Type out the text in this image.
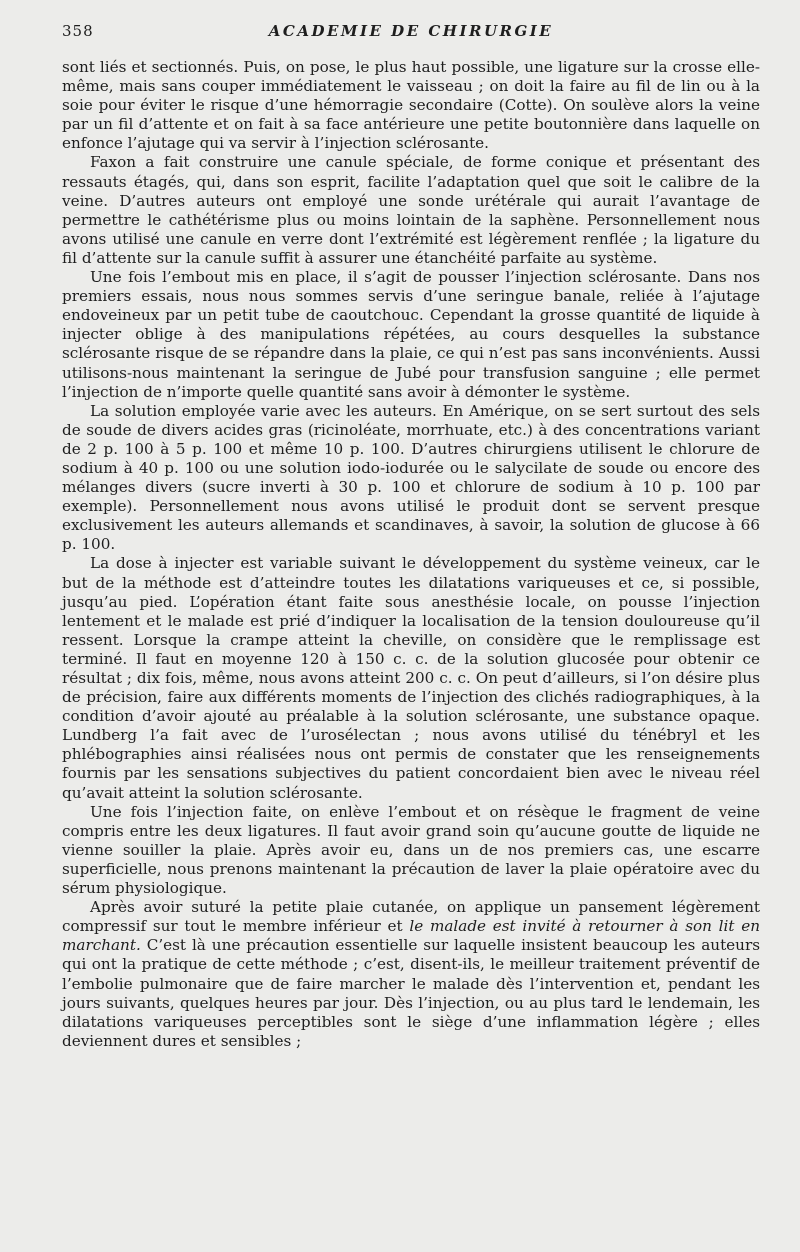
358	ACADEMIE DE CHIRURGIE

sont liés et sectionnés. Puis, on pose, le plus haut possible, une ligature sur la crosse elle-même, mais sans couper immédiatement le vaisseau ; on doit la faire au fil de lin ou à la soie pour éviter le risque d’une hémorragie secondaire (Cotte). On soulève alors la veine par un fil d’attente et on fait à sa face antérieure une petite boutonnière dans laquelle on enfonce l’ajutage qui va servir à l’injection sclérosante.

Faxon a fait construire une canule spéciale, de forme conique et présentant des ressauts étagés, qui, dans son esprit, facilite l’adaptation quel que soit le calibre de la veine. D’autres auteurs ont employé une sonde urétérale qui aurait l’avantage de permettre le cathétérisme plus ou moins lointain de la saphène. Personnellement nous avons utilisé une canule en verre dont l’extrémité est légèrement renflée ; la ligature du fil d’attente sur la canule suffit à assurer une étanchéité parfaite au système.

Une fois l’embout mis en place, il s’agit de pousser l’injection sclérosante. Dans nos premiers essais, nous nous sommes servis d’une seringue banale, reliée à l’ajutage endoveineux par un petit tube de caoutchouc. Cependant la grosse quantité de liquide à injecter oblige à des manipulations répétées, au cours desquelles la substance sclérosante risque de se répandre dans la plaie, ce qui n’est pas sans inconvénients. Aussi utilisons-nous maintenant la seringue de Jubé pour transfusion sanguine ; elle permet l’injection de n’importe quelle quantité sans avoir à démonter le système.

La solution employée varie avec les auteurs. En Amérique, on se sert surtout des sels de soude de divers acides gras (ricinoléate, morrhuate, etc.) à des concentrations variant de 2 p. 100 à 5 p. 100 et même 10 p. 100. D’autres chirurgiens utilisent le chlorure de sodium à 40 p. 100 ou une solution iodo-iodurée ou le salycilate de soude ou encore des mélanges divers (sucre inverti à 30 p. 100 et chlorure de sodium à 10 p. 100 par exemple). Personnellement nous avons utilisé le produit dont se servent presque exclusivement les auteurs allemands et scandinaves, à savoir, la solution de glucose à 66 p. 100.

La dose à injecter est variable suivant le développement du système veineux, car le but de la méthode est d’atteindre toutes les dilatations variqueuses et ce, si possible, jusqu’au pied. L’opération étant faite sous anesthésie locale, on pousse l’injection lentement et le malade est prié d’indiquer la localisation de la tension douloureuse qu’il ressent. Lorsque la crampe atteint la cheville, on considère que le remplissage est terminé. Il faut en moyenne 120 à 150 c. c. de la solution glucosée pour obtenir ce résultat ; dix fois, même, nous avons atteint 200 c. c. On peut d’ailleurs, si l’on désire plus de précision, faire aux différents moments de l’injection des clichés radiographiques, à la condition d’avoir ajouté au préalable à la solution sclérosante, une substance opaque. Lundberg l’a fait avec de l’urosélectan ; nous avons utilisé du ténébryl et les phlébographies ainsi réalisées nous ont permis de constater que les renseignements fournis par les sensations subjectives du patient concordaient bien avec le niveau réel qu’avait atteint la solution sclérosante.

Une fois l’injection faite, on enlève l’embout et on résèque le fragment de veine compris entre les deux ligatures. Il faut avoir grand soin qu’aucune goutte de liquide ne vienne souiller la plaie. Après avoir eu, dans un de nos premiers cas, une escarre superficielle, nous prenons maintenant la précaution de laver la plaie opératoire avec du sérum physiologique.

Après avoir suturé la petite plaie cutanée, on applique un pansement légèrement compressif sur tout le membre inférieur et le malade est invité à retourner à son lit en marchant. C’est là une précaution essentielle sur laquelle insistent beaucoup les auteurs qui ont la pratique de cette méthode ; c’est, disent-ils, le meilleur traitement préventif de l’embolie pulmonaire que de faire marcher le malade dès l’intervention et, pendant les jours suivants, quelques heures par jour. Dès l’injection, ou au plus tard le lendemain, les dilatations variqueuses perceptibles sont le siège d’une inflammation légère ; elles deviennent dures et sensibles ;
